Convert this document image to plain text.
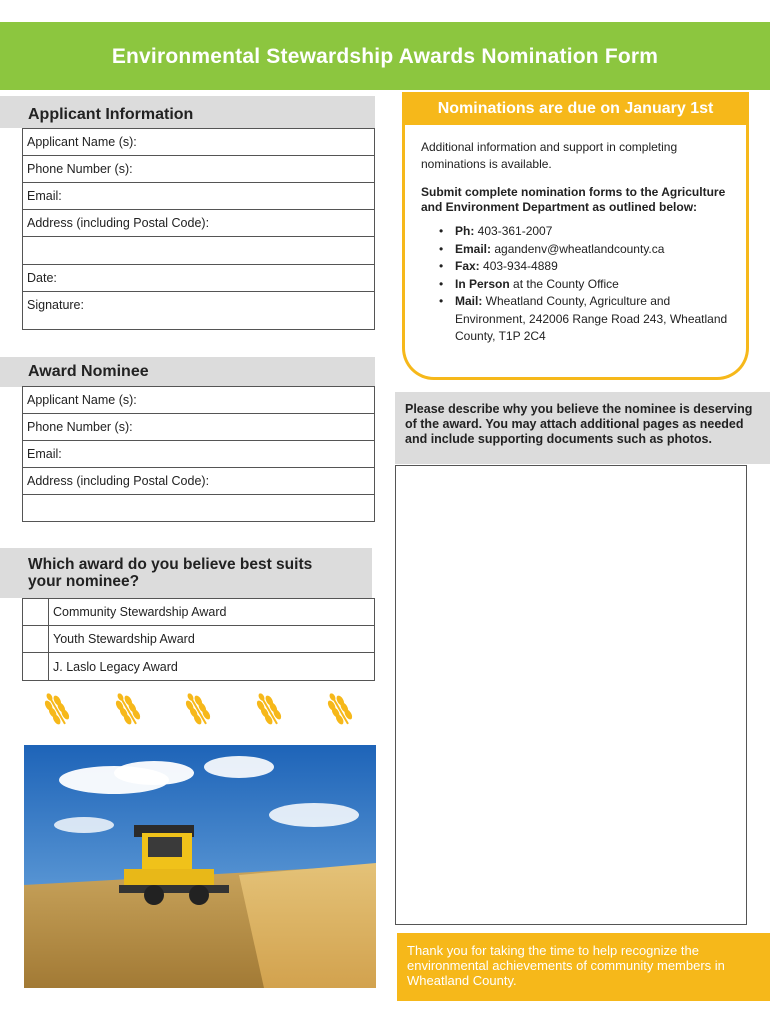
Environmental Stewardship Awards Nomination Form
Applicant Information
Applicant Name (s):
Phone Number (s):
Email:
Address (including Postal Code):
Date:
Signature:
Award Nominee
Applicant Name (s):
Phone Number (s):
Email:
Address (including Postal Code):
Which award do you believe best suits
your nominee?
Community Stewardship Award
Youth Stewardship Award
J. Laslo Legacy Award
Nominations are due on January 1st

Additional information and support in completing nominations is available.

Submit complete nomination forms to the Agriculture and Environment Department as outlined below:

• Ph: 403-361-2007
• Email: agandenv@wheatlandcounty.ca
• Fax: 403-934-4889
• In Person at the County Office
• Mail: Wheatland County, Agriculture and Environment, 242006 Range Road 243, Wheatland County, T1P 2C4
Please describe why you believe the nominee is deserving of the award. You may attach additional pages as needed and include supporting documents such as photos.
Thank you for taking the time to help recognize the environmental achievements of community members in Wheatland County.
